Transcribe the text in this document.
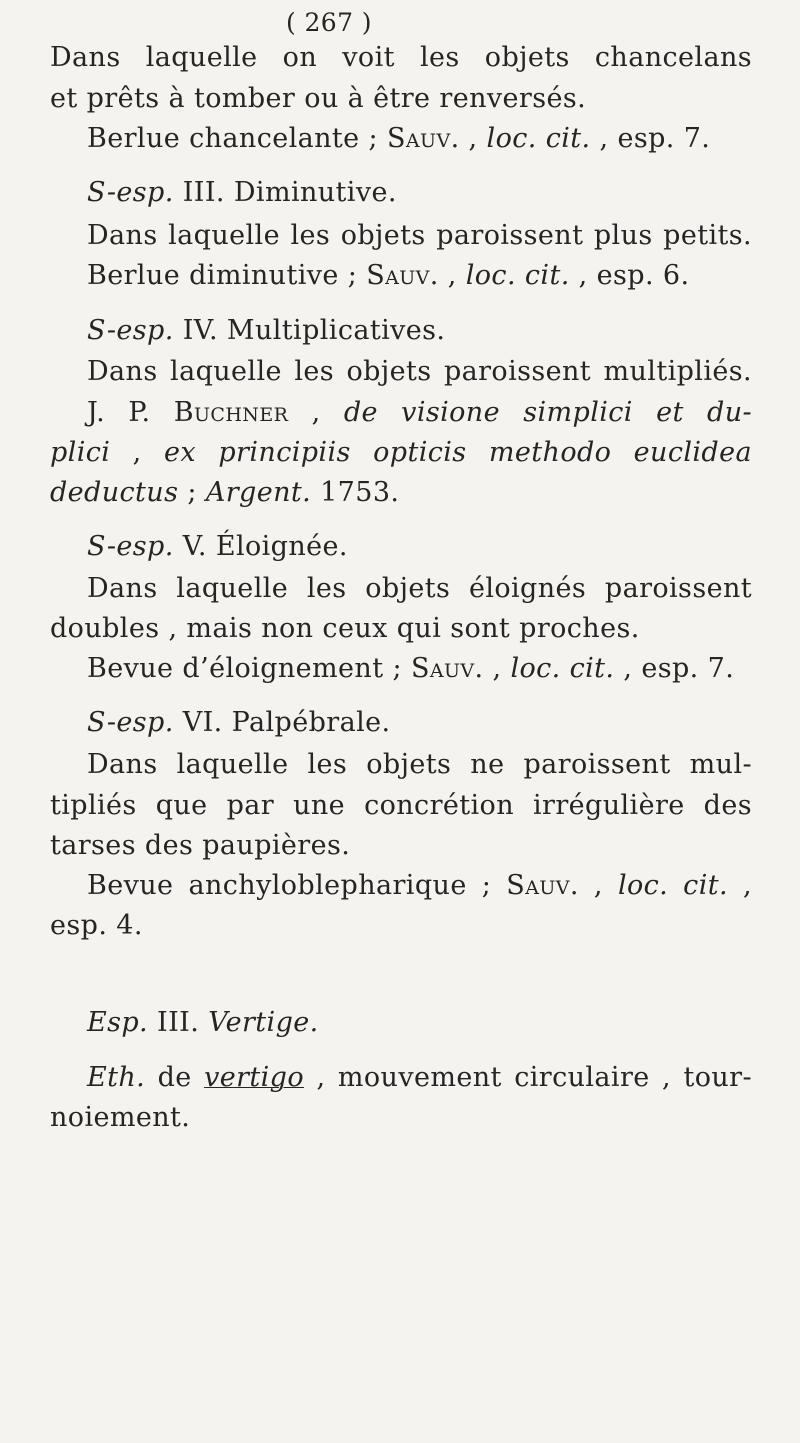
( 267 )
Dans laquelle on voit les objets chancelans
et prêts à tomber ou à être renversés.
Berlue chancelante ; Sauv. , loc. cit. , esp. 7.
S-esp. III. Diminutive.
Dans laquelle les objets paroissent plus petits.
Berlue diminutive ; Sauv. , loc. cit. , esp. 6.
S-esp. IV. Multiplicatives.
Dans laquelle les objets paroissent multipliés.
J. P. Buchner , de visione simplici et du-
plici , ex principiis opticis methodo euclidea
deductus ; Argent. 1753.
S-esp. V. Éloignée.
Dans laquelle les objets éloignés paroissent
doubles , mais non ceux qui sont proches.
Bevue d’éloignement ; Sauv. , loc. cit. , esp. 7.
S-esp. VI. Palpébrale.
Dans laquelle les objets ne paroissent mul-
tipliés que par une concrétion irrégulière des
tarses des paupières.
Bevue anchyloblepharique ; Sauv. , loc. cit. ,
esp. 4.
Esp. III. Vertige.
Eth. de vertigo , mouvement circulaire , tour-
noiement.
